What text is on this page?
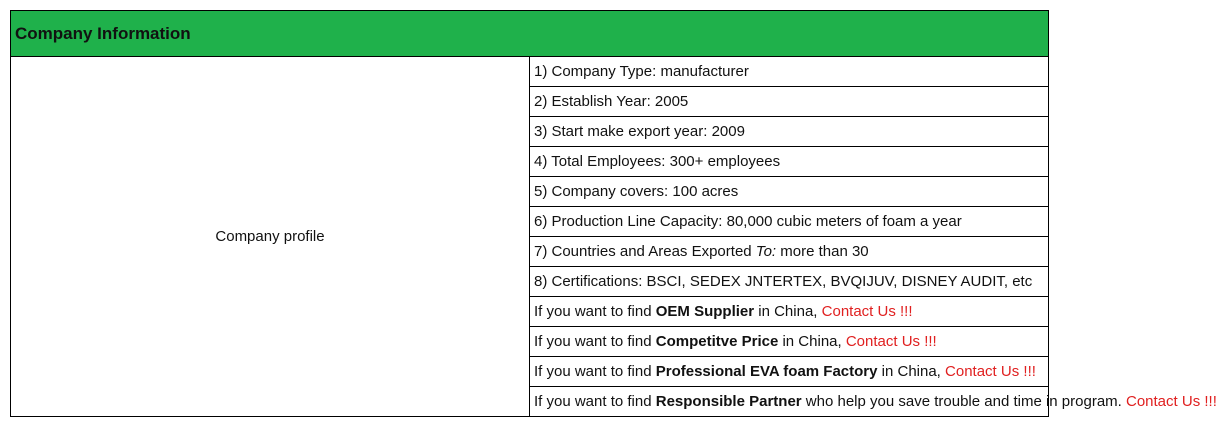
Company Information
Company profile	1) Company Type: manufacturer
2) Establish Year: 2005
3) Start make export year: 2009
4) Total Employees: 300+ employees
5) Company covers: 100 acres
6) Production Line Capacity: 80,000 cubic meters of foam a year
7) Countries and Areas Exported To: more than 30
8) Certifications: BSCI, SEDEX JNTERTEX, BVQIJUV, DISNEY AUDIT, etc
If you want to find OEM Supplier in China, Contact Us !!!
If you want to find Competitve Price in China, Contact Us !!!
If you want to find Professional EVA foam Factory in China, Contact Us !!!
If you want to find Responsible Partner who help you save trouble and time in program. Contact Us !!!
